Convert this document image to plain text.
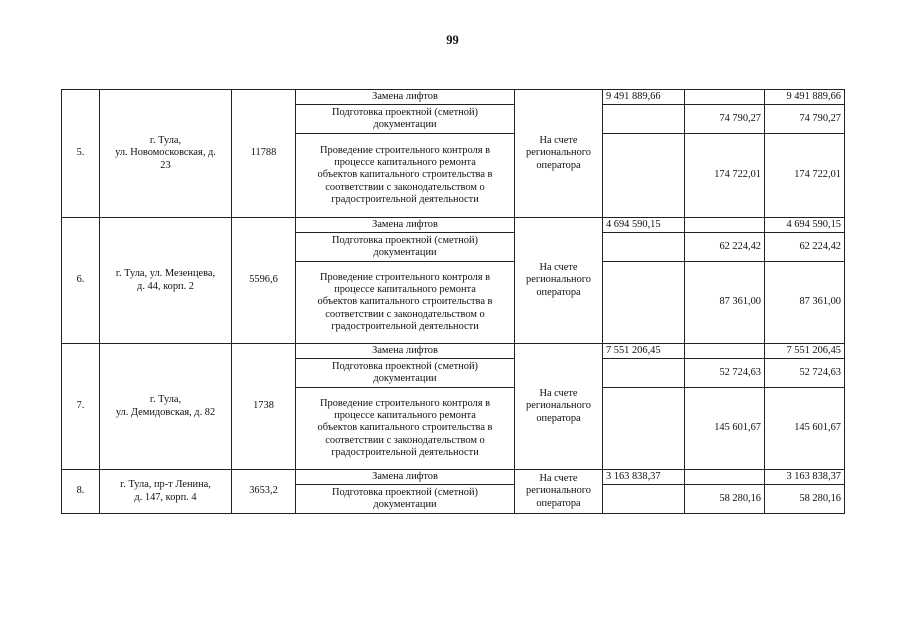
99
5.	г. Тула,
ул. Новомосковская, д.
23	11788	Замена лифтов	На счете
регионального
оператора	9 491 889,66		9 491 889,66
			Подготовка проектной (сметной)
документации			74 790,27	74 790,27
			Проведение строительного контроля в
процессе капитального ремонта
объектов капитального строительства в
соответствии с законодательством о
градостроительной деятельности			174 722,01	174 722,01
6.	г. Тула, ул. Мезенцева,
д. 44, корп. 2	5596,6	Замена лифтов	На счете
регионального
оператора	4 694 590,15		4 694 590,15
			Подготовка проектной (сметной)
документации			62 224,42	62 224,42
			Проведение строительного контроля в
процессе капитального ремонта
объектов капитального строительства в
соответствии с законодательством о
градостроительной деятельности			87 361,00	87 361,00
7.	г. Тула,
ул. Демидовская, д. 82	1738	Замена лифтов	На счете
регионального
оператора	7 551 206,45		7 551 206,45
			Подготовка проектной (сметной)
документации			52 724,63	52 724,63
			Проведение строительного контроля в
процессе капитального ремонта
объектов капитального строительства в
соответствии с законодательством о
градостроительной деятельности			145 601,67	145 601,67
8.	г. Тула, пр-т Ленина,
д. 147, корп. 4	3653,2	Замена лифтов	На счете
регионального
оператора	3 163 838,37		3 163 838,37
			Подготовка проектной (сметной)
документации			58 280,16	58 280,16
